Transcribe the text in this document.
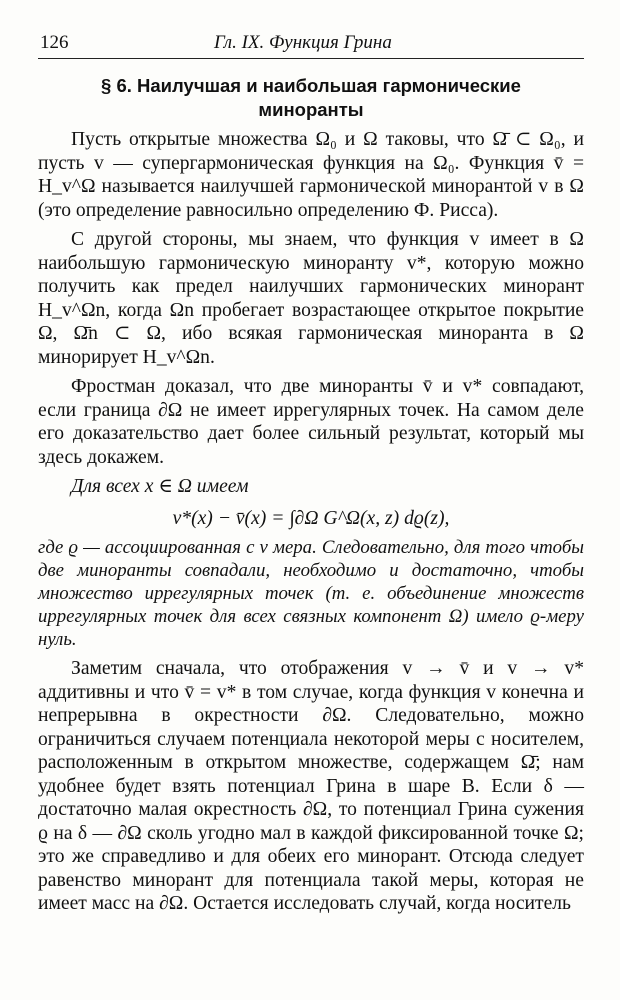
126	Гл. IX. Функция Грина
§ 6. Наилучшая и наибольшая гармонические
миноранты

Пусть открытые множества Ω₀ и Ω таковы, что Ω̄ ⊂ Ω₀, и пусть v — супергармоническая функция на Ω₀. Функция v̄ = H_v^Ω называется наилучшей гармонической минорантой v в Ω (это определение равносильно определению Ф. Рисса).

С другой стороны, мы знаем, что функция v имеет в Ω наибольшую гармоническую миноранту v*, которую можно получить как предел наилучших гармонических минорант H_v^Ωn, когда Ωn пробегает возрастающее открытое покрытие Ω, Ω̄n ⊂ Ω, ибо всякая гармоническая миноранта в Ω минорирует H_v^Ωn.

Фростман доказал, что две миноранты v̄ и v* совпадают, если граница ∂Ω не имеет иррегулярных точек. На самом деле его доказательство дает более сильный результат, который мы здесь докажем.

Для всех x ∈ Ω имеем

v*(x) − v̄(x) = ∫∂Ω G^Ω(x, z) dϱ(z),

где ϱ — ассоциированная с v мера. Следовательно, для того чтобы две миноранты совпадали, необходимо и достаточно, чтобы множество иррегулярных точек (т. е. объединение множеств иррегулярных точек для всех связных компонент Ω) имело ϱ-меру нуль.

Заметим сначала, что отображения v → v̄ и v → v* аддитивны и что v̄ = v* в том случае, когда функция v конечна и непрерывна в окрестности ∂Ω. Следовательно, можно ограничиться случаем потенциала некоторой меры с носителем, расположенным в открытом множестве, содержащем Ω̄; нам удобнее будет взять потенциал Грина в шаре B. Если δ — достаточно малая окрестность ∂Ω, то потенциал Грина сужения ϱ на δ — ∂Ω сколь угодно мал в каждой фиксированной точке Ω; это же справедливо и для обеих его минорант. Отсюда следует равенство минорант для потенциала такой меры, которая не имеет масс на ∂Ω. Остается исследовать случай, когда носитель
